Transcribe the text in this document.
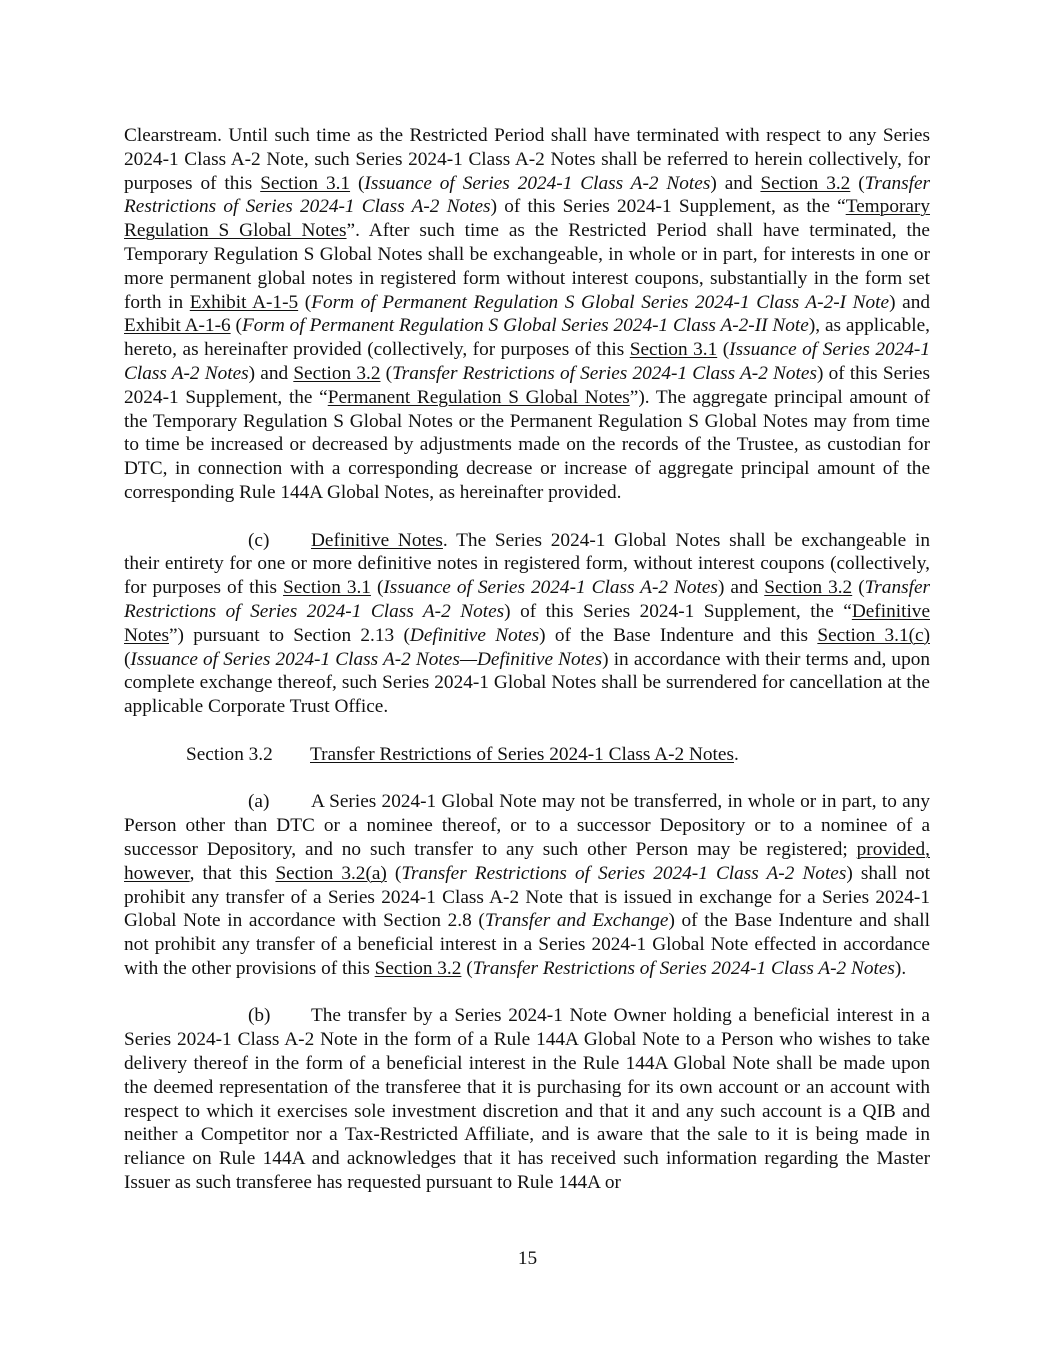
Clearstream. Until such time as the Restricted Period shall have terminated with respect to any Series 2024-1 Class A-2 Note, such Series 2024-1 Class A-2 Notes shall be referred to herein collectively, for purposes of this Section 3.1 (Issuance of Series 2024-1 Class A-2 Notes) and Section 3.2 (Transfer Restrictions of Series 2024-1 Class A-2 Notes) of this Series 2024-1 Supplement, as the “Temporary Regulation S Global Notes”. After such time as the Restricted Period shall have terminated, the Temporary Regulation S Global Notes shall be exchangeable, in whole or in part, for interests in one or more permanent global notes in registered form without interest coupons, substantially in the form set forth in Exhibit A-1-5 (Form of Permanent Regulation S Global Series 2024-1 Class A-2-I Note) and Exhibit A-1-6 (Form of Permanent Regulation S Global Series 2024-1 Class A-2-II Note), as applicable, hereto, as hereinafter provided (collectively, for purposes of this Section 3.1 (Issuance of Series 2024-1 Class A-2 Notes) and Section 3.2 (Transfer Restrictions of Series 2024-1 Class A-2 Notes) of this Series 2024-1 Supplement, the “Permanent Regulation S Global Notes”). The aggregate principal amount of the Temporary Regulation S Global Notes or the Permanent Regulation S Global Notes may from time to time be increased or decreased by adjustments made on the records of the Trustee, as custodian for DTC, in connection with a corresponding decrease or increase of aggregate principal amount of the corresponding Rule 144A Global Notes, as hereinafter provided.

(c) Definitive Notes. The Series 2024-1 Global Notes shall be exchangeable in their entirety for one or more definitive notes in registered form, without interest coupons (collectively, for purposes of this Section 3.1 (Issuance of Series 2024-1 Class A-2 Notes) and Section 3.2 (Transfer Restrictions of Series 2024-1 Class A-2 Notes) of this Series 2024-1 Supplement, the “Definitive Notes”) pursuant to Section 2.13 (Definitive Notes) of the Base Indenture and this Section 3.1(c) (Issuance of Series 2024-1 Class A-2 Notes—Definitive Notes) in accordance with their terms and, upon complete exchange thereof, such Series 2024-1 Global Notes shall be surrendered for cancellation at the applicable Corporate Trust Office.

Section 3.2 Transfer Restrictions of Series 2024-1 Class A-2 Notes.

(a) A Series 2024-1 Global Note may not be transferred, in whole or in part, to any Person other than DTC or a nominee thereof, or to a successor Depository or to a nominee of a successor Depository, and no such transfer to any such other Person may be registered; provided, however, that this Section 3.2(a) (Transfer Restrictions of Series 2024-1 Class A-2 Notes) shall not prohibit any transfer of a Series 2024-1 Class A-2 Note that is issued in exchange for a Series 2024-1 Global Note in accordance with Section 2.8 (Transfer and Exchange) of the Base Indenture and shall not prohibit any transfer of a beneficial interest in a Series 2024-1 Global Note effected in accordance with the other provisions of this Section 3.2 (Transfer Restrictions of Series 2024-1 Class A-2 Notes).

(b) The transfer by a Series 2024-1 Note Owner holding a beneficial interest in a Series 2024-1 Class A-2 Note in the form of a Rule 144A Global Note to a Person who wishes to take delivery thereof in the form of a beneficial interest in the Rule 144A Global Note shall be made upon the deemed representation of the transferee that it is purchasing for its own account or an account with respect to which it exercises sole investment discretion and that it and any such account is a QIB and neither a Competitor nor a Tax-Restricted Affiliate, and is aware that the sale to it is being made in reliance on Rule 144A and acknowledges that it has received such information regarding the Master Issuer as such transferee has requested pursuant to Rule 144A or

15
